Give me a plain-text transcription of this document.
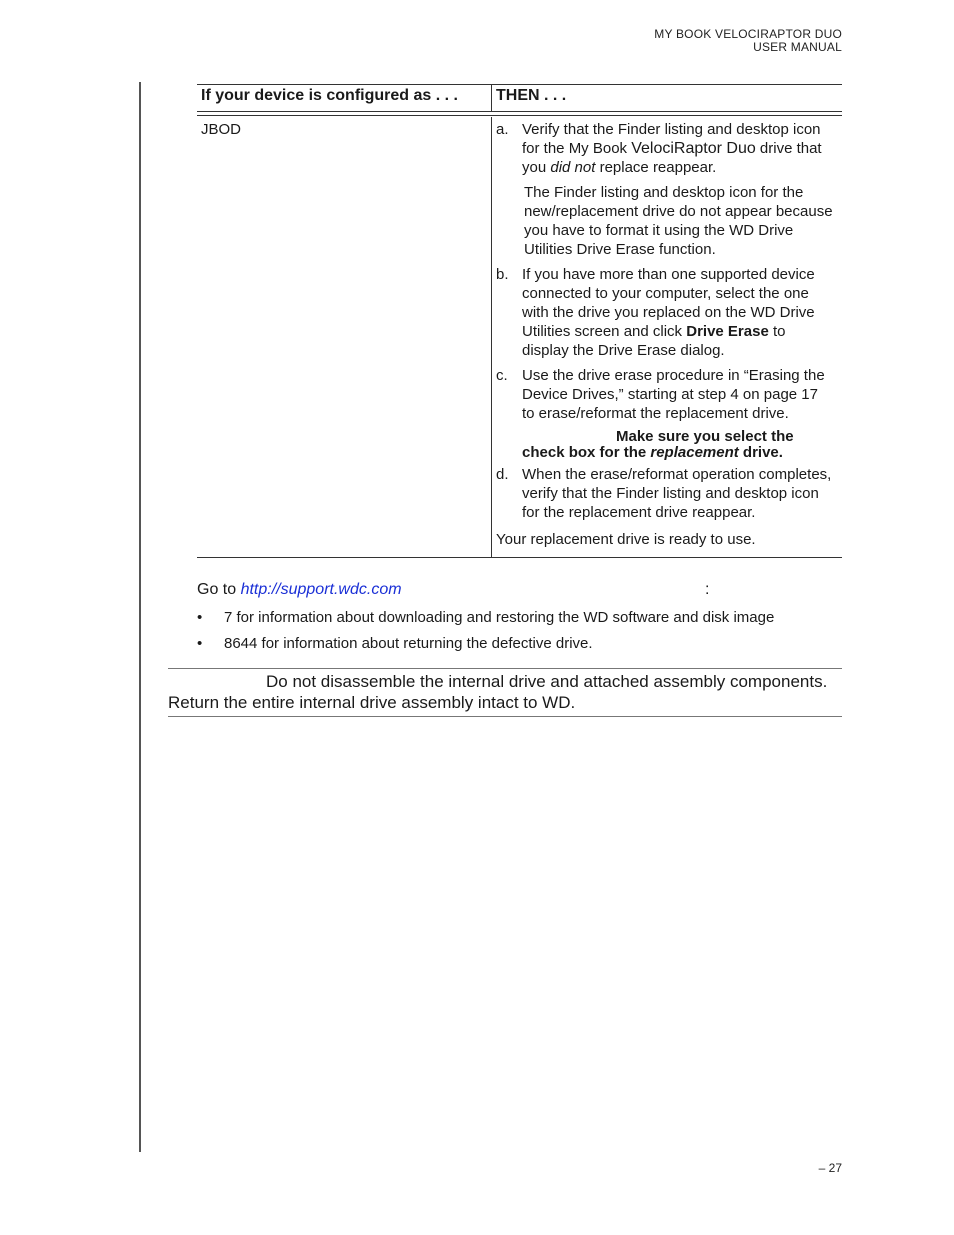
MY BOOK VELOCIRAPTOR DUO
USER MANUAL
If your device is configured as . . .	THEN . . .
JBOD	a. Verify that the Finder listing and desktop icon for the My Book VelociRaptor Duo drive that you did not replace reappear.
The Finder listing and desktop icon for the new/replacement drive do not appear because you have to format it using the WD Drive Utilities Drive Erase function.
b. If you have more than one supported device connected to your computer, select the one with the drive you replaced on the WD Drive Utilities screen and click Drive Erase to display the Drive Erase dialog.
c. Use the drive erase procedure in “Erasing the Device Drives,” starting at step 4 on page 17 to erase/reformat the replacement drive.
Make sure you select the
check box for the replacement drive.
d. When the erase/reformat operation completes, verify that the Finder listing and desktop icon for the replacement drive reappear.
Your replacement drive is ready to use.
Go to http://support.wdc.com	:
•	7 for information about downloading and restoring the WD software and disk image
•	8644 for information about returning the defective drive.
Do not disassemble the internal drive and attached assembly components.
Return the entire internal drive assembly intact to WD.
– 27
